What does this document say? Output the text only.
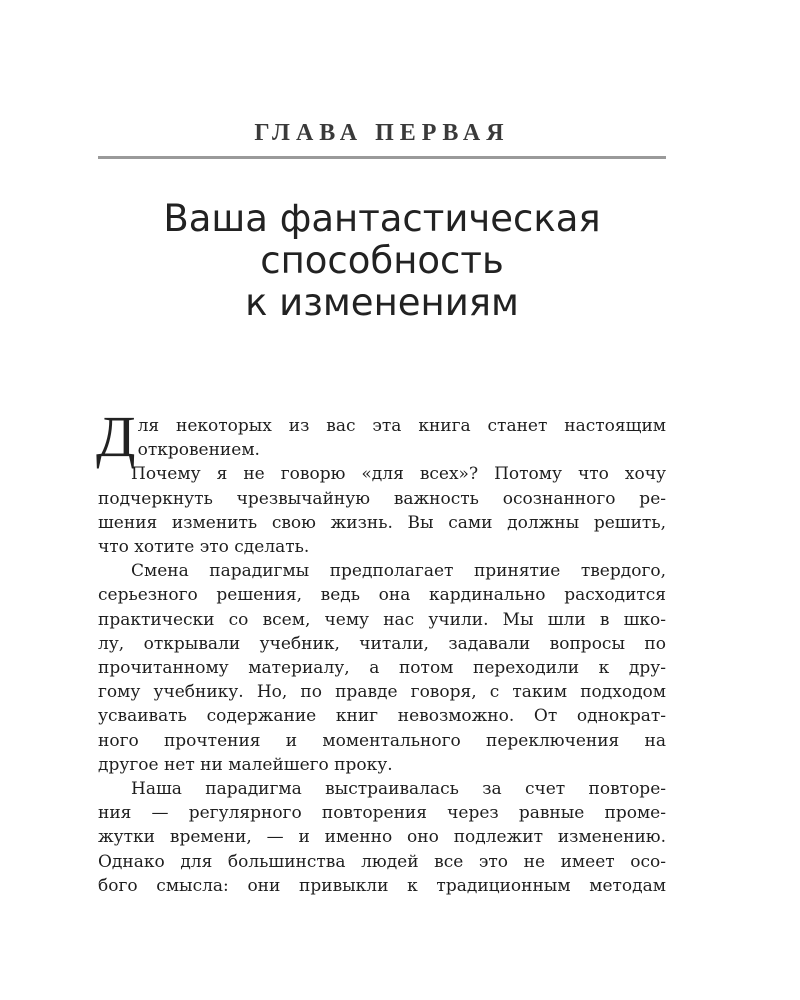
ГЛАВА ПЕРВАЯ
Ваша фантастическая
способность
к изменениям
Д ля некоторых из вас эта книга станет настоящим
откровением.
Почему я не говорю «для всех»? Потому что хочу
подчеркнуть чрезвычайную важность осознанного ре-
шения изменить свою жизнь. Вы сами должны решить,
что хотите это сделать.
Смена парадигмы предполагает принятие твердого,
серьезного решения, ведь она кардинально расходится
практически со всем, чему нас учили. Мы шли в шко-
лу, открывали учебник, читали, задавали вопросы по
прочитанному материалу, а потом переходили к дру-
гому учебнику. Но, по правде говоря, с таким подходом
усваивать содержание книг невозможно. От однократ-
ного прочтения и моментального переключения на
другое нет ни малейшего проку.
Наша парадигма выстраивалась за счет повторе-
ния — регулярного повторения через равные проме-
жутки времени, — и именно оно подлежит изменению.
Однако для большинства людей все это не имеет осо-
бого смысла: они привыкли к традиционным методам
